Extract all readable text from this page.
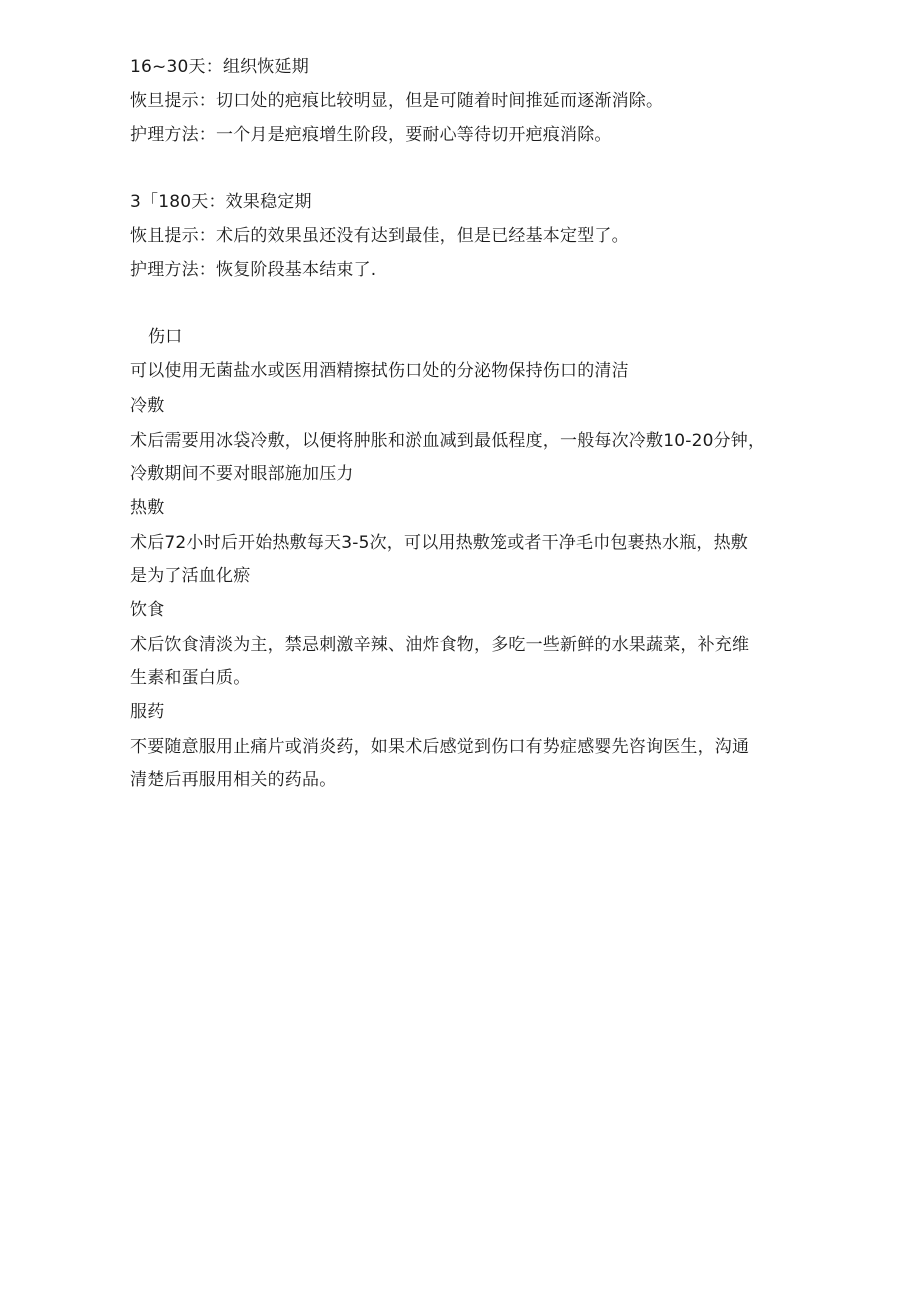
16~30天：组织恢延期
恢旦提示：切口处的疤痕比较明显，但是可随着时间推延而逐渐消除。
护理方法：一个月是疤痕增生阶段，要耐心等待切开疤痕消除。
3「180天：效果稳定期
恢且提示：术后的效果虽还没有达到最佳，但是已经基本定型了。
护理方法：恢复阶段基本结束了.
伤口
可以使用无菌盐水或医用酒精擦拭伤口处的分泌物保持伤口的清洁
冷敷
术后需要用冰袋冷敷，以便将肿胀和淤血减到最低程度，一般每次冷敷10-20分钟，
冷敷期间不要对眼部施加压力
热敷
术后72小时后开始热敷每天3-5次，可以用热敷笼或者干净毛巾包裹热水瓶，热敷
是为了活血化瘀
饮食
术后饮食清淡为主，禁忌刺激辛辣、油炸食物，多吃一些新鲜的水果蔬菜，补充维
生素和蛋白质。
服药
不要随意服用止痛片或消炎药，如果术后感觉到伤口有势症感婴先咨询医生，沟通
清楚后再服用相关的药品。
